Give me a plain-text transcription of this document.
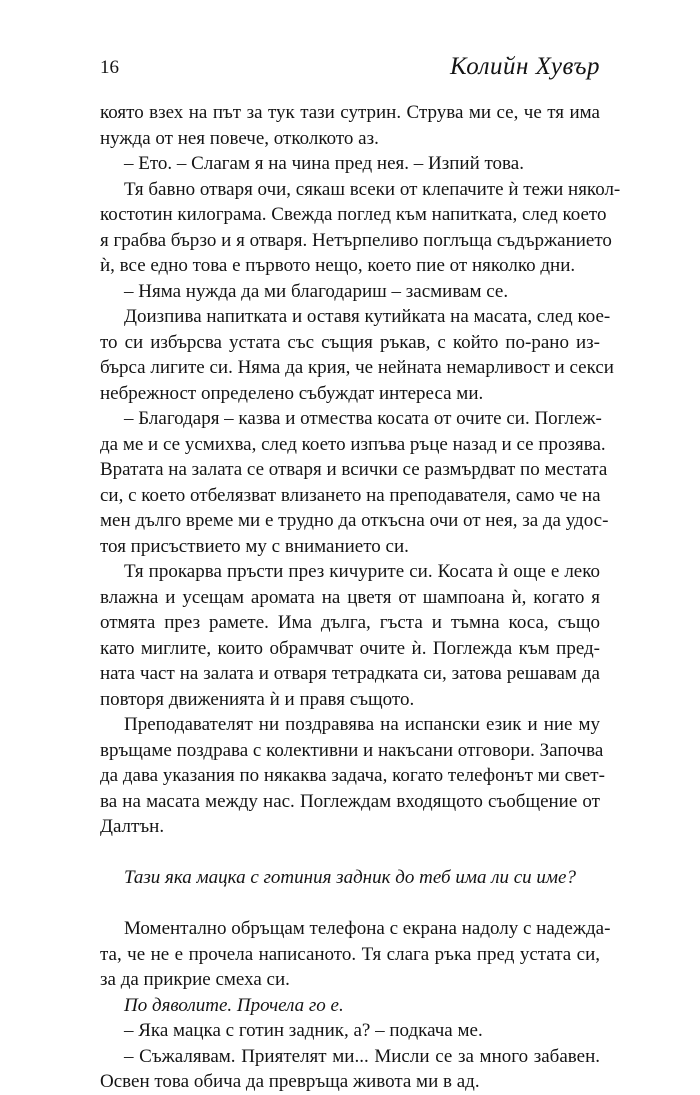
16	Колийн Хувър
която взех на път за тук тази сутрин. Струва ми се, че тя има
нужда от нея повече, отколкото аз.
– Ето. – Слагам я на чина пред нея. – Изпий това.
Тя бавно отваря очи, сякаш всеки от клепачите ѝ тежи някол-
костотин килограма. Свежда поглед към напитката, след което
я грабва бързо и я отваря. Нетърпеливо поглъща съдържанието
ѝ, все едно това е първото нещо, което пие от няколко дни.
– Няма нужда да ми благодариш – засмивам се.
Доизпива напитката и оставя кутийката на масата, след кое-
то си избърсва устата със същия ръкав, с който по-рано из-
бърса лигите си. Няма да крия, че нейната немарливост и секси
небрежност определено събуждат интереса ми.
– Благодаря – казва и отмества косата от очите си. Поглеж-
да ме и се усмихва, след което изпъва ръце назад и се прозява.
Вратата на залата се отваря и всички се размърдват по местата
си, с което отбелязват влизането на преподавателя, само че на
мен дълго време ми е трудно да откъсна очи от нея, за да удос-
тоя присъствието му с вниманието си.
Тя прокарва пръсти през кичурите си. Косата ѝ още е леко
влажна и усещам аромата на цветя от шампоана ѝ, когато я
отмята през рамете. Има дълга, гъста и тъмна коса, също
като миглите, които обрамчват очите ѝ. Поглежда към пред-
ната част на залата и отваря тетрадката си, затова решавам да
повторя движенията ѝ и правя същото.
Преподавателят ни поздравява на испански език и ние му
връщаме поздрава с колективни и накъсани отговори. Започва
да дава указания по някаква задача, когато телефонът ми свет-
ва на масата между нас. Поглеждам входящото съобщение от
Далтън.
Тази яка мацка с готиния задник до теб има ли си име?
Моментално обръщам телефона с екрана надолу с надежда-
та, че не е прочела написаното. Тя слага ръка пред устата си,
за да прикрие смеха си.
По дяволите. Прочела го е.
– Яка мацка с готин задник, а? – подкача ме.
– Съжалявам. Приятелят ми... Мисли се за много забавен.
Освен това обича да превръща живота ми в ад.
